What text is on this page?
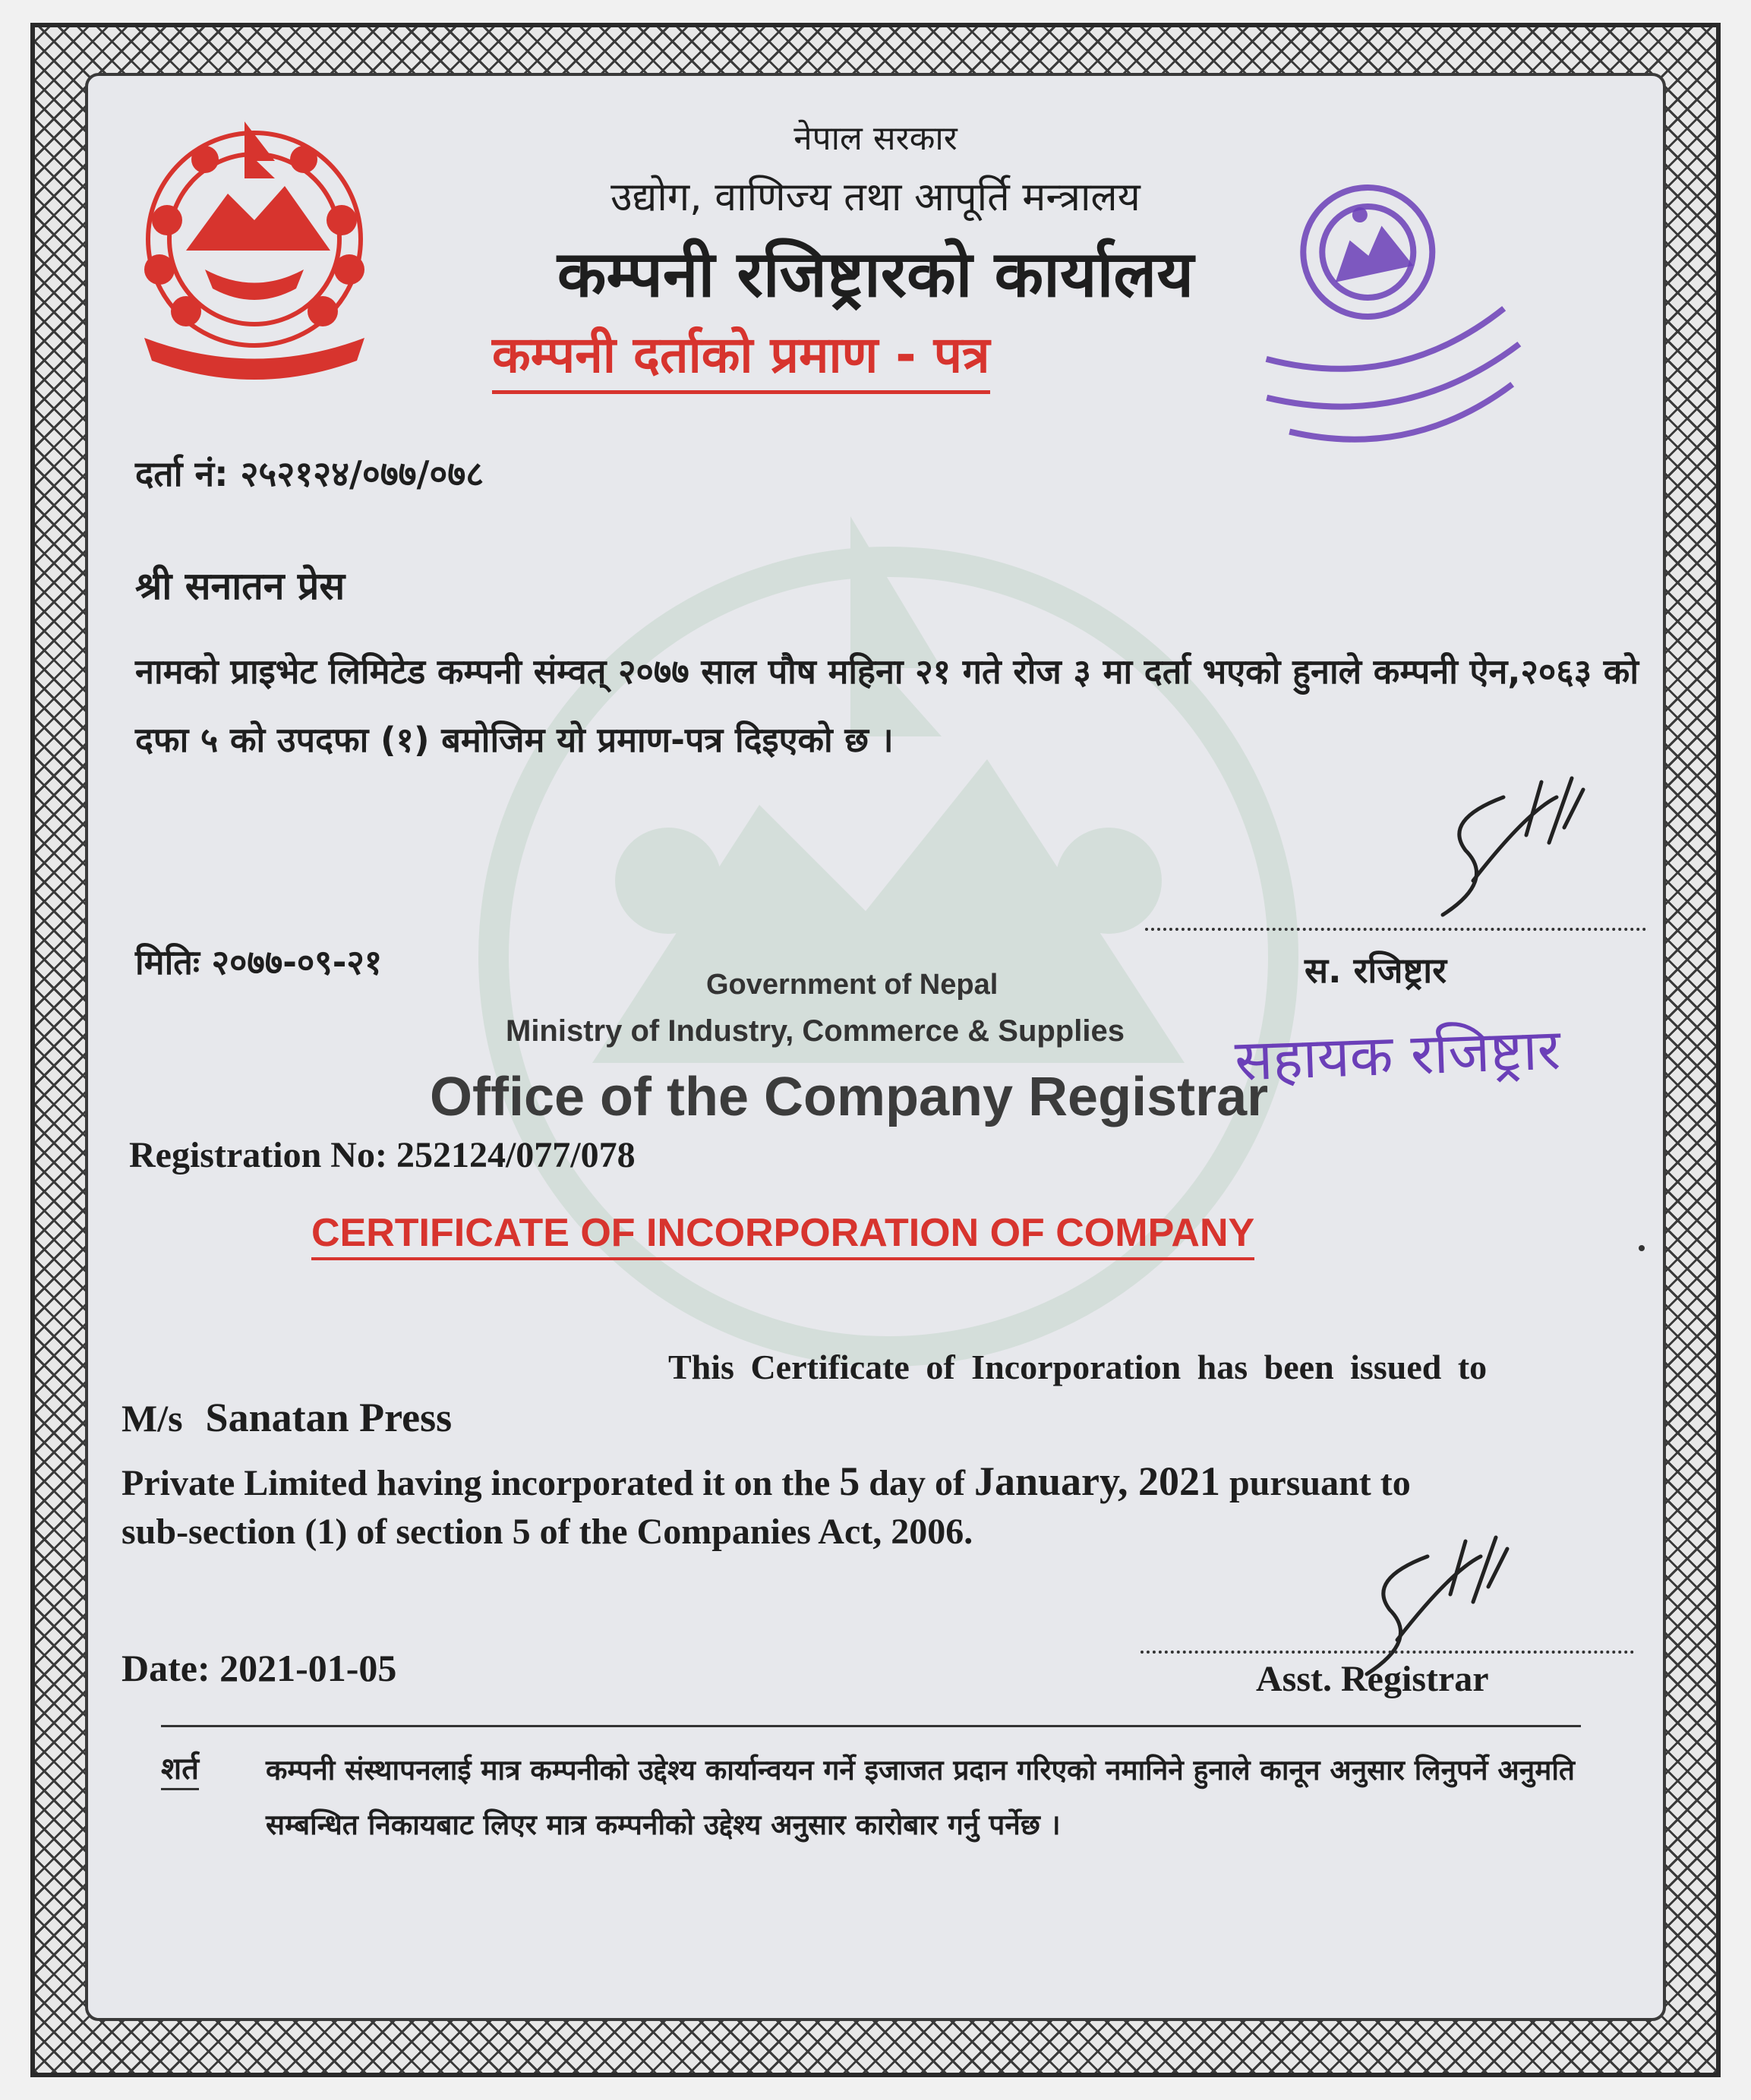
नेपाल सरकार
उद्योग, वाणिज्य तथा आपूर्ति मन्त्रालय
कम्पनी रजिष्ट्रारको कार्यालय
कम्पनी दर्ताको प्रमाण - पत्र
दर्ता नं: २५२१२४/०७७/०७८
श्री सनातन प्रेस
नामको प्राइभेट लिमिटेड कम्पनी संम्वत् २०७७ साल पौष महिना २१ गते रोज ३ मा दर्ता भएको हुनाले कम्पनी ऐन,२०६३ को दफा ५ को उपदफा (१) बमोजिम यो प्रमाण-पत्र दिइएको छ ।
मितिः २०७७-०९-२१	स. रजिष्ट्रार
Government of Nepal
Ministry of Industry, Commerce & Supplies सहायक रजिष्ट्रार
Office of the Company Registrar
Registration No: 252124/077/078
CERTIFICATE OF INCORPORATION OF COMPANY
This Certificate of Incorporation has been issued to
M/s Sanatan Press
Private Limited having incorporated it on the 5 day of January, 2021 pursuant to
sub-section (1) of section 5 of the Companies Act, 2006.
Date: 2021-01-05	Asst. Registrar
शर्त कम्पनी संस्थापनलाई मात्र कम्पनीको उद्देश्य कार्यान्वयन गर्ने इजाजत प्रदान गरिएको नमानिने हुनाले कानून अनुसार लिनुपर्ने अनुमति सम्बन्धित निकायबाट लिएर मात्र कम्पनीको उद्देश्य अनुसार कारोबार गर्नु पर्नेछ ।
